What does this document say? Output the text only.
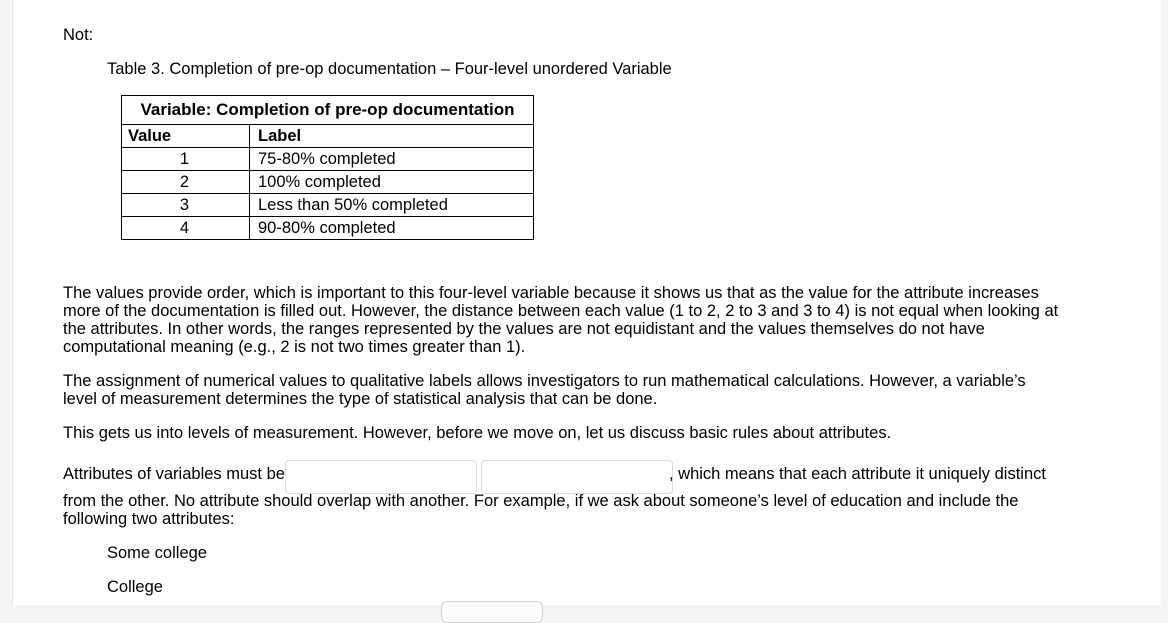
Not:
Table 3. Completion of pre-op documentation – Four-level unordered Variable
Variable: Completion of pre-op documentation	
Value	Label
1	75-80% completed
2	100% completed
3	Less than 50% completed
4	90-80% completed
The values provide order, which is important to this four-level variable because it shows us that as the value for the attribute increases more of the documentation is filled out. However, the distance between each value (1 to 2, 2 to 3 and 3 to 4) is not equal when looking at the attributes. In other words, the ranges represented by the values are not equidistant and the values themselves do not have computational meaning (e.g., 2 is not two times greater than 1).
The assignment of numerical values to qualitative labels allows investigators to run mathematical calculations. However, a variable’s level of measurement determines the type of statistical analysis that can be done.
This gets us into levels of measurement. However, before we move on, let us discuss basic rules about attributes.
Attributes of variables must be	, which means that each attribute it uniquely distinct
from the other. No attribute should overlap with another. For example, if we ask about someone’s level of education and include the following two attributes:
Some college
College
